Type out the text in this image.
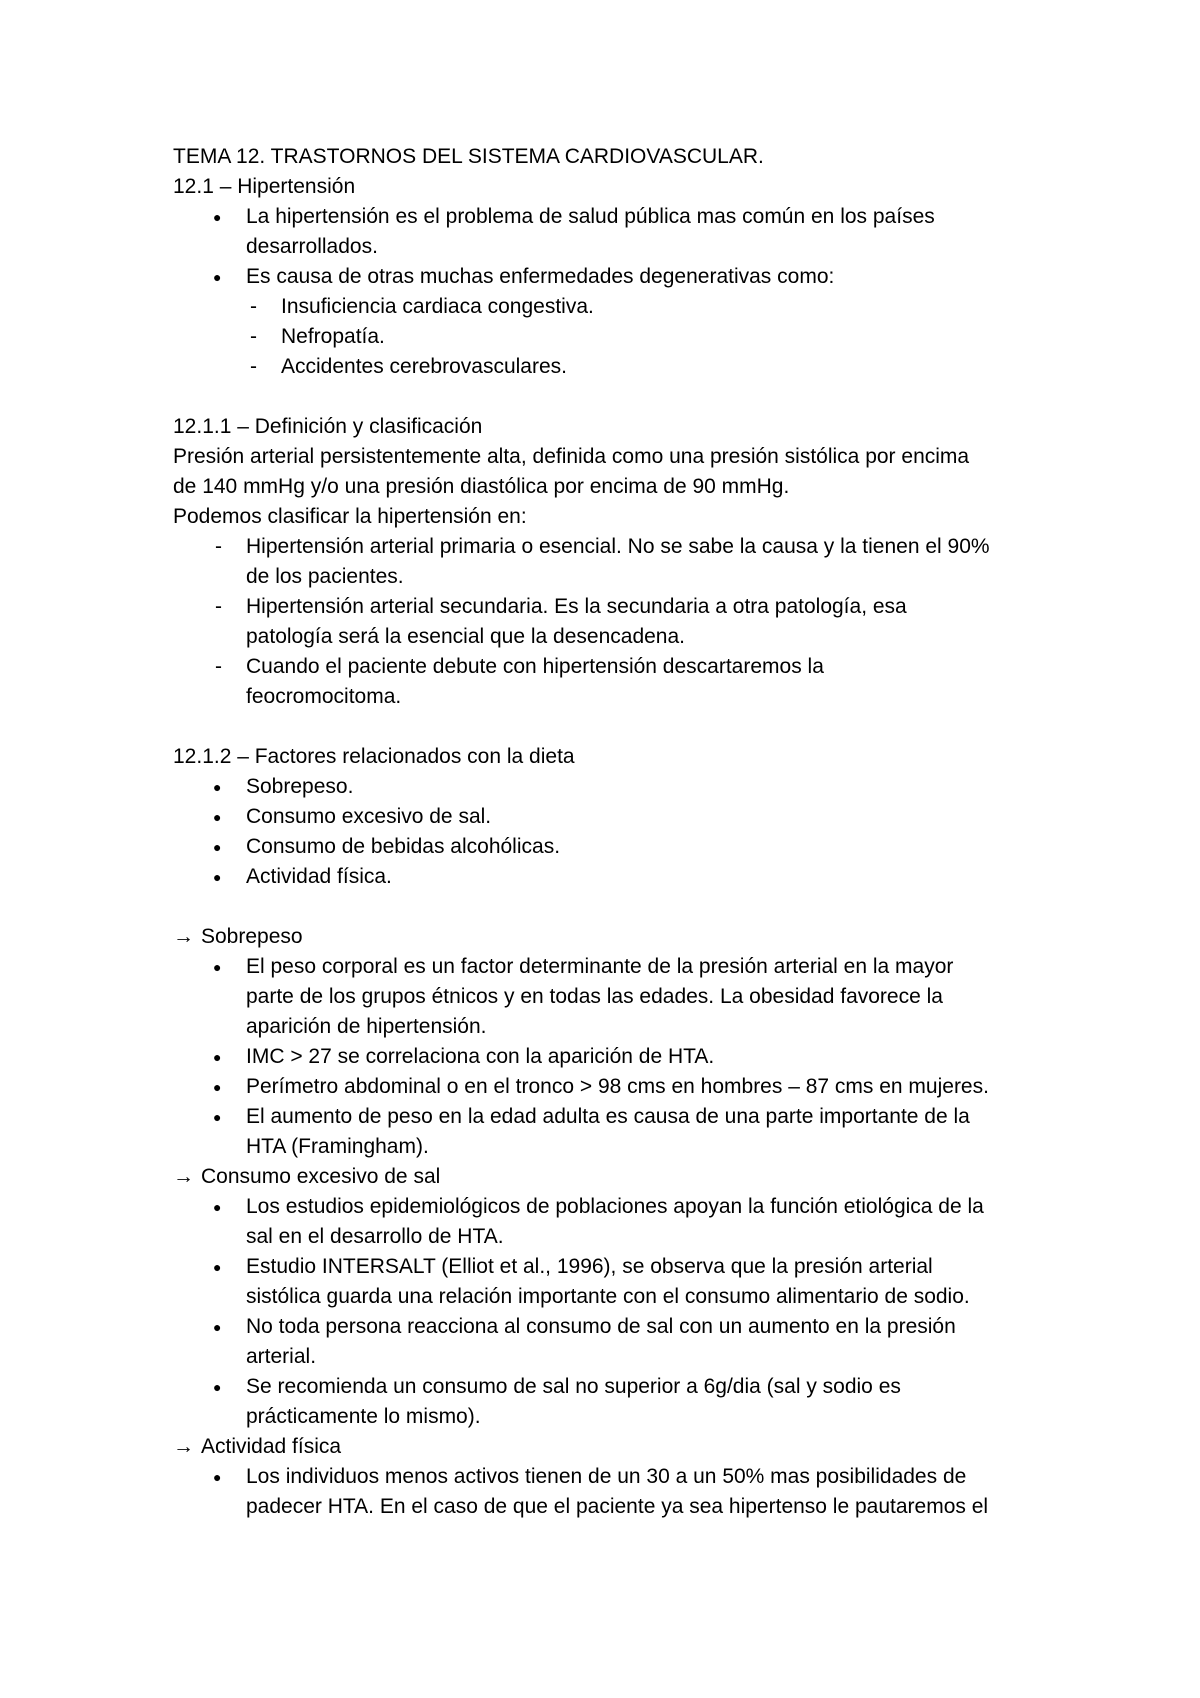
TEMA 12. TRASTORNOS DEL SISTEMA CARDIOVASCULAR.

12.1 – Hipertensión

● La hipertensión es el problema de salud pública mas común en los países
desarrollados.
● Es causa de otras muchas enfermedades degenerativas como:
- Insuficiencia cardiaca congestiva.
- Nefropatía.
- Accidentes cerebrovasculares.

12.1.1 – Definición y clasificación

Presión arterial persistentemente alta, definida como una presión sistólica por encima

de 140 mmHg y/o una presión diastólica por encima de 90 mmHg.

Podemos clasificar la hipertensión en:

- Hipertensión arterial primaria o esencial. No se sabe la causa y la tienen el 90%
de los pacientes.
- Hipertensión arterial secundaria. Es la secundaria a otra patología, esa
patología será la esencial que la desencadena.
- Cuando el paciente debute con hipertensión descartaremos la
feocromocitoma.

12.1.2 – Factores relacionados con la dieta

● Sobrepeso.
● Consumo excesivo de sal.
● Consumo de bebidas alcohólicas.
● Actividad física.

→ Sobrepeso

● El peso corporal es un factor determinante de la presión arterial en la mayor
parte de los grupos étnicos y en todas las edades. La obesidad favorece la
aparición de hipertensión.
● IMC > 27 se correlaciona con la aparición de HTA.
● Perímetro abdominal o en el tronco > 98 cms en hombres – 87 cms en mujeres.
● El aumento de peso en la edad adulta es causa de una parte importante de la
HTA (Framingham).

→ Consumo excesivo de sal

● Los estudios epidemiológicos de poblaciones apoyan la función etiológica de la
sal en el desarrollo de HTA.
● Estudio INTERSALT (Elliot et al., 1996), se observa que la presión arterial
sistólica guarda una relación importante con el consumo alimentario de sodio.
● No toda persona reacciona al consumo de sal con un aumento en la presión
arterial.
● Se recomienda un consumo de sal no superior a 6g/dia (sal y sodio es
prácticamente lo mismo).

→ Actividad física

● Los individuos menos activos tienen de un 30 a un 50% mas posibilidades de
padecer HTA. En el caso de que el paciente ya sea hipertenso le pautaremos el
